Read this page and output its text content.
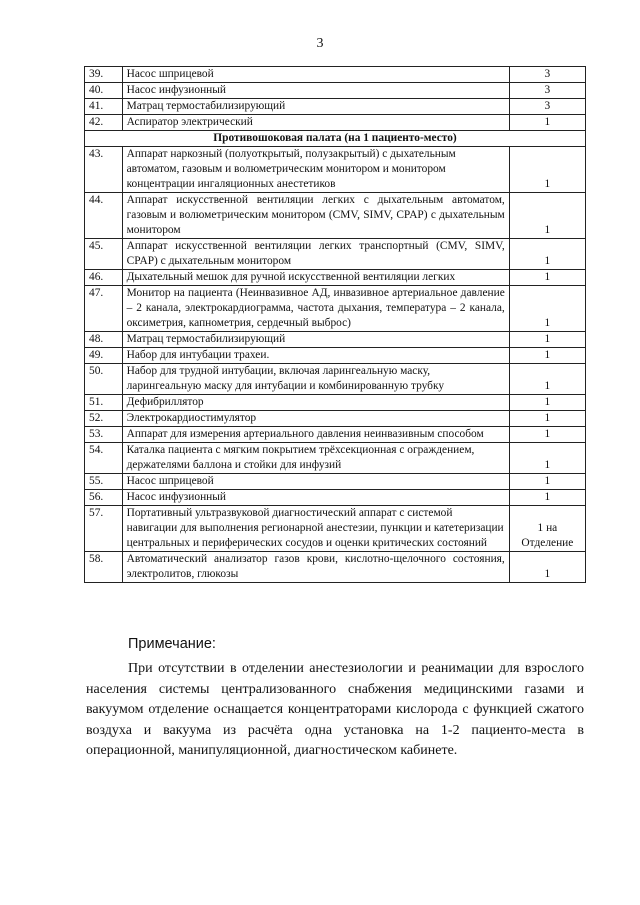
3
39.	Насос шприцевой	3
40.	Насос инфузионный	3
41.	Матрац термостабилизирующий	3
42.	Аспиратор электрический	1
Противошоковая палата (на 1 пациенто-место)		
43.	Аппарат наркозный (полуоткрытый, полузакрытый) с дыхательным автоматом, газовым и волюметрическим монитором и монитором концентрации ингаляционных анестетиков	1
44.	Аппарат искусственной вентиляции легких с дыхательным автоматом, газовым и волюметрическим монитором (CMV, SIMV, CPAP) с дыхательным монитором	1
45.	Аппарат искусственной вентиляции легких транспортный (CMV, SIMV, CPAP) с дыхательным монитором	1
46.	Дыхательный мешок для ручной искусственной вентиляции легких	1
47.	Монитор на пациента (Неинвазивное АД, инвазивное артериальное давление – 2 канала, электрокардиограмма, частота дыхания, температура – 2 канала, оксиметрия, капнометрия, сердечный выброс)	1
48.	Матрац термостабилизирующий	1
49.	Набор для интубации трахеи.	1
50.	Набор для трудной интубации, включая ларингеальную маску, ларингеальную маску для интубации и комбинированную трубку	1
51.	Дефибриллятор	1
52.	Электрокардиостимулятор	1
53.	Аппарат для измерения артериального давления неинвазивным способом	1
54.	Каталка пациента с мягким покрытием трёхсекционная с ограждением, держателями баллона и стойки для инфузий	1
55.	Насос шприцевой	1
56.	Насос инфузионный	1
57.	Портативный ультразвуковой диагностический аппарат с системой навигации для выполнения регионарной анестезии, пункции и катетеризации центральных и периферических сосудов и оценки критических состояний	1 на Отделение
58.	Автоматический анализатор газов крови, кислотно-щелочного состояния, электролитов, глюкозы	1
Примечание:

При отсутствии в отделении анестезиологии и реанимации для взрослого населения системы централизованного снабжения медицинскими газами и вакуумом отделение оснащается концентраторами кислорода с функцией сжатого воздуха и вакуума из расчёта одна установка на 1-2 пациенто-места в операционной, манипуляционной, диагностическом кабинете.
